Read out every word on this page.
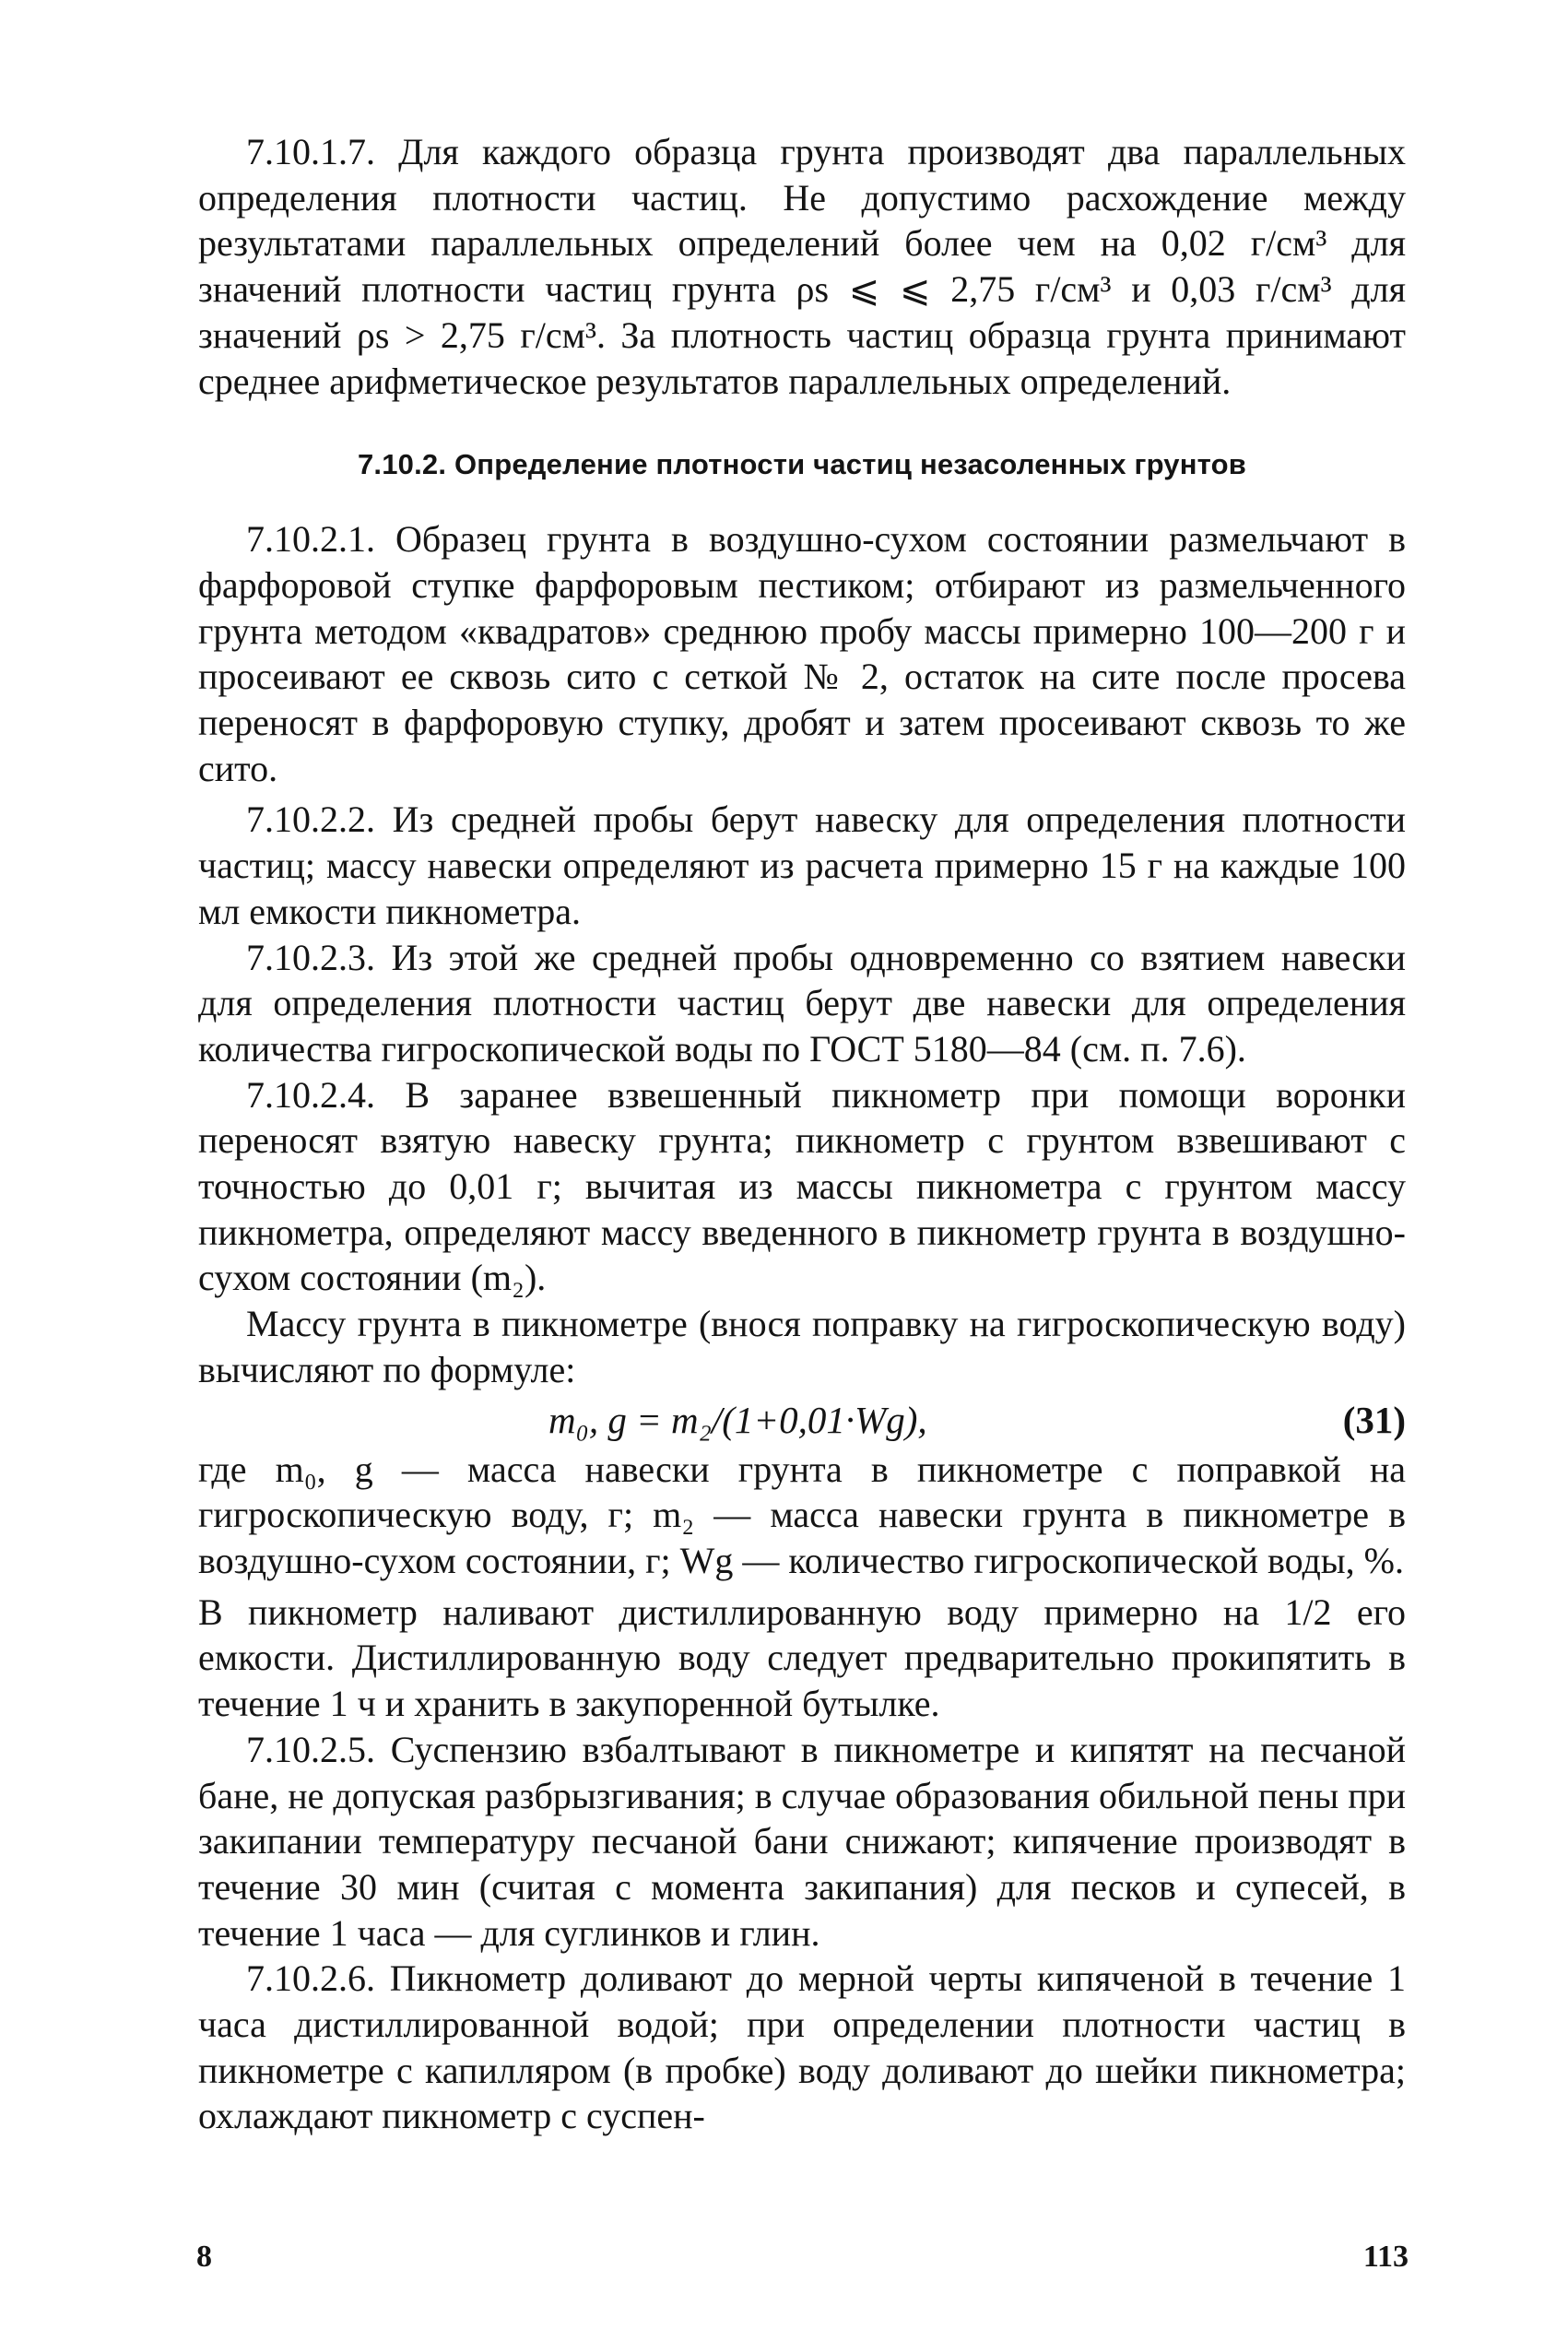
7.10.1.7. Для каждого образца грунта производят два параллельных определения плотности частиц. Не допустимо расхождение между результатами параллельных определений более чем на 0,02 г/см³ для значений плотности частиц грунта ρs ⩽ ⩽ 2,75 г/см³ и 0,03 г/см³ для значений ρs > 2,75 г/см³. За плотность частиц образца грунта принимают среднее арифметическое результатов параллельных определений.

7.10.2. Определение плотности частиц незасоленных грунтов

7.10.2.1. Образец грунта в воздушно-сухом состоянии размельчают в фарфоровой ступке фарфоровым пестиком; отбирают из размельченного грунта методом «квадратов» среднюю пробу массы примерно 100—200 г и просеивают ее сквозь сито с сеткой № 2, остаток на сите после просева переносят в фарфоровую ступку, дробят и затем просеивают сквозь то же сито.

7.10.2.2. Из средней пробы берут навеску для определения плотности частиц; массу навески определяют из расчета примерно 15 г на каждые 100 мл емкости пикнометра.

7.10.2.3. Из этой же средней пробы одновременно со взятием навески для определения плотности частиц берут две навески для определения количества гигроскопической воды по ГОСТ 5180—84 (см. п. 7.6).

7.10.2.4. В заранее взвешенный пикнометр при помощи воронки переносят взятую навеску грунта; пикнометр с грунтом взвешивают с точностью до 0,01 г; вычитая из массы пикнометра с грунтом массу пикнометра, определяют массу введенного в пикнометр грунта в воздушно-сухом состоянии (m₂).

Массу грунта в пикнометре (внося поправку на гигроскопическую воду) вычисляют по формуле:

m₀, g = m₂/(1+0,01·Wg),	(31)

где m₀, g — масса навески грунта в пикнометре с поправкой на гигроскопическую воду, г; m₂ — масса навески грунта в пикнометре в воздушно-сухом состоянии, г; Wg — количество гигроскопической воды, %.

В пикнометр наливают дистиллированную воду примерно на 1/2 его емкости. Дистиллированную воду следует предварительно прокипятить в течение 1 ч и хранить в закупоренной бутылке.

7.10.2.5. Суспензию взбалтывают в пикнометре и кипятят на песчаной бане, не допуская разбрызгивания; в случае образования обильной пены при закипании температуру песчаной бани снижают; кипячение производят в течение 30 мин (считая с момента закипания) для песков и супесей, в течение 1 часа — для суглинков и глин.

7.10.2.6. Пикнометр доливают до мерной черты кипяченой в течение 1 часа дистиллированной водой; при определении плотности частиц в пикнометре с капилляром (в пробке) воду доливают до шейки пикнометра; охлаждают пикнометр с суспен-

8	113
